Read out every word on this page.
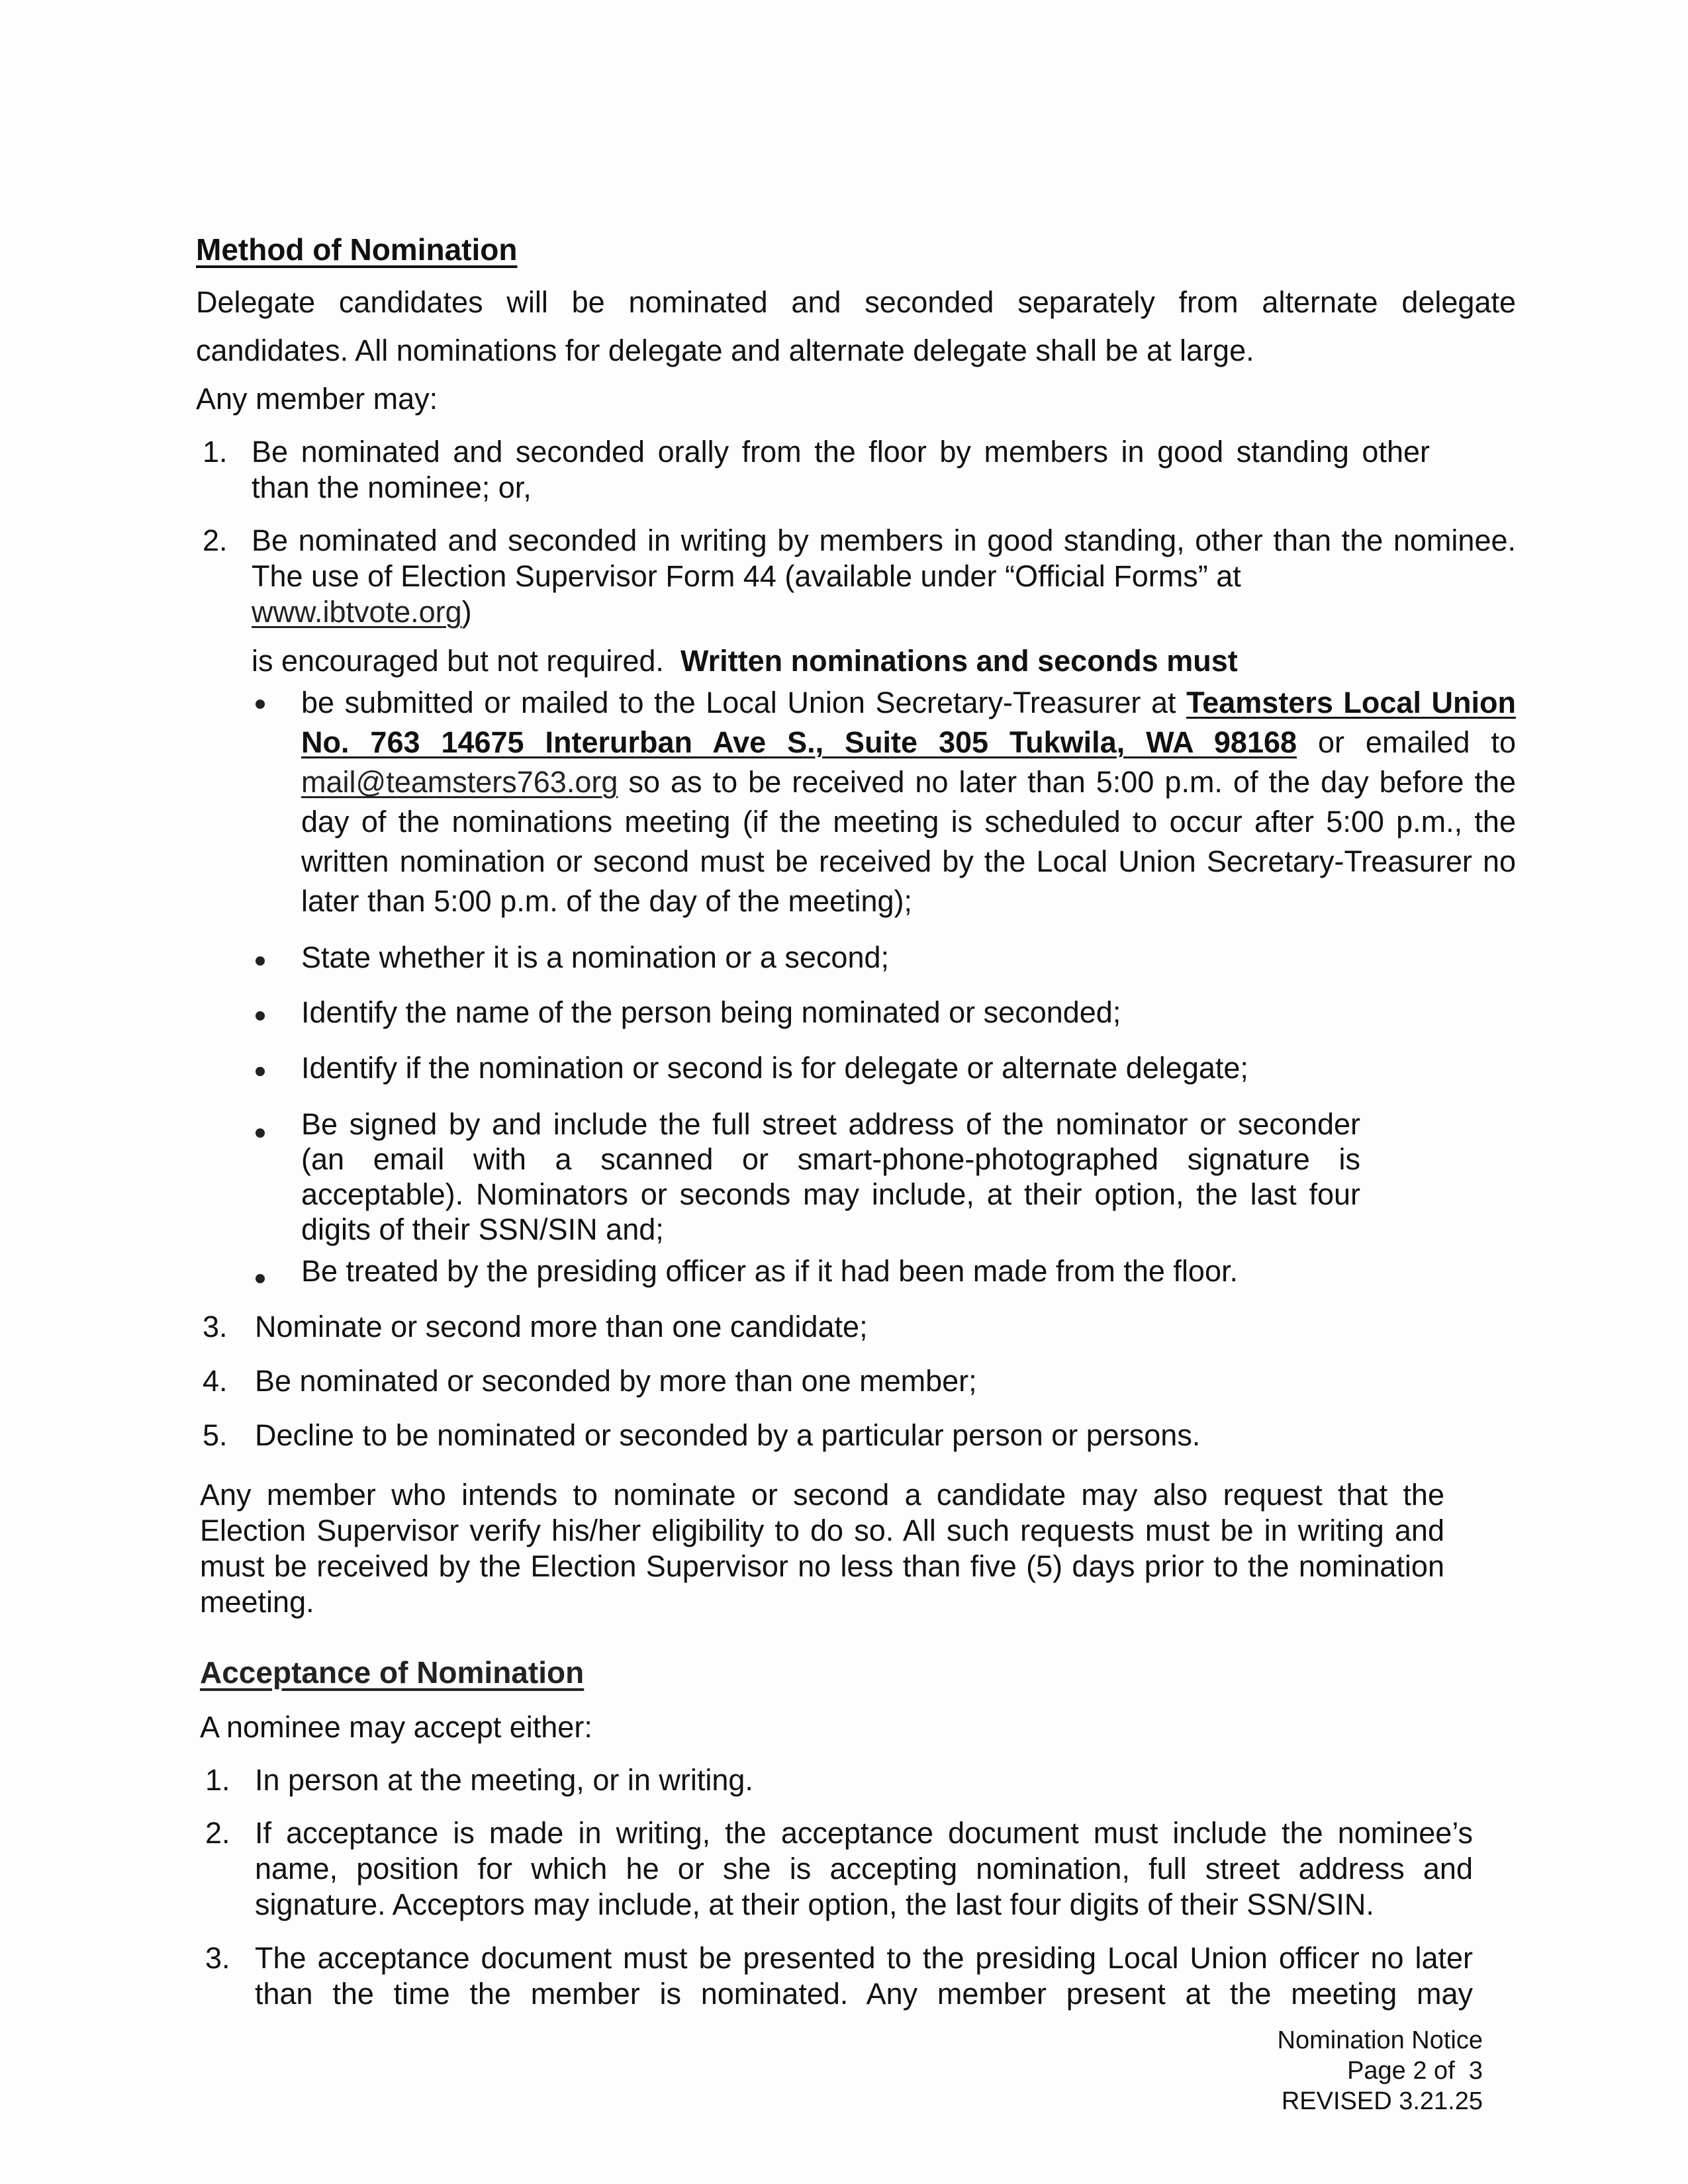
Method of Nomination
Delegate candidates will be nominated and seconded separately from alternate delegate
candidates. All nominations for delegate and alternate delegate shall be at large.
Any member may:
1. Be nominated and seconded orally from the floor by members in good standing other than the nominee; or,
2. Be nominated and seconded in writing by members in good standing, other than the nominee. The use of Election Supervisor Form 44 (available under “Official Forms” at
www.ibtvote.org)
is encouraged but not required. Written nominations and seconds must
be submitted or mailed to the Local Union Secretary-Treasurer at Teamsters Local Union No. 763 14675 Interurban Ave S., Suite 305 Tukwila, WA 98168 or emailed to mail@teamsters763.org so as to be received no later than 5:00 p.m. of the day before the day of the nominations meeting (if the meeting is scheduled to occur after 5:00 p.m., the written nomination or second must be received by the Local Union Secretary-Treasurer no later than 5:00 p.m. of the day of the meeting);
State whether it is a nomination or a second;
Identify the name of the person being nominated or seconded;
Identify if the nomination or second is for delegate or alternate delegate;
Be signed by and include the full street address of the nominator or seconder (an email with a scanned or smart-phone-photographed signature is acceptable). Nominators or seconds may include, at their option, the last four digits of their SSN/SIN and;
Be treated by the presiding officer as if it had been made from the floor.
3. Nominate or second more than one candidate;
4. Be nominated or seconded by more than one member;
5. Decline to be nominated or seconded by a particular person or persons.
Any member who intends to nominate or second a candidate may also request that the Election Supervisor verify his/her eligibility to do so. All such requests must be in writing and must be received by the Election Supervisor no less than five (5) days prior to the nomination meeting.
Acceptance of Nomination
A nominee may accept either:
1. In person at the meeting, or in writing.
2. If acceptance is made in writing, the acceptance document must include the nominee’s name, position for which he or she is accepting nomination, full street address and signature. Acceptors may include, at their option, the last four digits of their SSN/SIN.
3. The acceptance document must be presented to the presiding Local Union officer no later than the time the member is nominated. Any member present at the meeting may
Nomination Notice
Page 2 of  3
REVISED 3.21.25
